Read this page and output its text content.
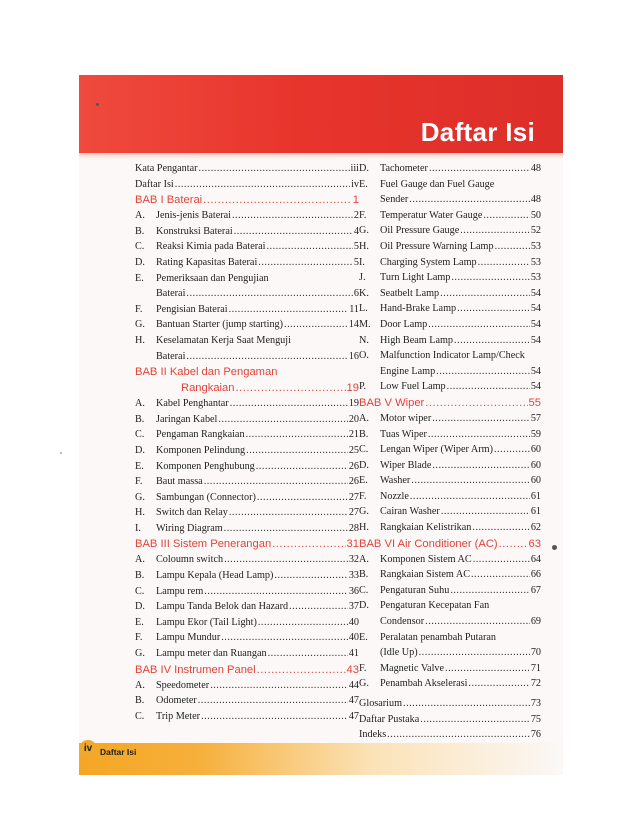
Daftar Isi
Kata Pengantar .....	iii
Daftar Isi .....	iv
BAB I Baterai .....	1
A.	Jenis-jenis Baterai .....	2
B.	Konstruksi Baterai .....	4
C.	Reaksi Kimia pada Baterai .....	5
D.	Rating Kapasitas Baterai .....	5
E.	Pemeriksaan dan Pengujian
Baterai .....	6
F.	Pengisian Baterai .....	11
G.	Bantuan Starter (jump starting) .....	14
H.	Keselamatan Kerja Saat Menguji
Baterai .....	16
BAB II Kabel dan Pengaman
Rangkaian .....	19
A.	Kabel Penghantar .....	19
B.	Jaringan Kabel .....	20
C.	Pengaman Rangkaian .....	21
D.	Komponen Pelindung .....	25
E.	Komponen Penghubung .....	26
F.	Baut massa .....	26
G.	Sambungan (Connector) .....	27
H.	Switch dan Relay .....	27
I.	Wiring Diagram .....	28
BAB III Sistem Penerangan .....	31
A.	Coloumn switch .....	32
B.	Lampu Kepala (Head Lamp) .....	33
C.	Lampu rem .....	36
D.	Lampu Tanda Belok dan Hazard .....	37
E.	Lampu Ekor (Tail Light) .....	40
F.	Lampu Mundur .....	40
G.	Lampu meter dan Ruangan .....	41
BAB IV Instrumen Panel .....	43
A.	Speedometer .....	44
B.	Odometer .....	47
C.	Trip Meter .....	47
D.	Tachometer .....	48
E.	Fuel Gauge dan Fuel Gauge
Sender .....	48
F.	Temperatur Water Gauge .....	50
G.	Oil Pressure Gauge .....	52
H.	Oil Pressure Warning Lamp .....	53
I.	Charging System Lamp .....	53
J.	Turn Light Lamp .....	53
K.	Seatbelt Lamp .....	54
L.	Hand-Brake Lamp .....	54
M. Door Lamp .....	54
N.	High Beam Lamp .....	54
O.	Malfunction Indicator Lamp/Check
Engine Lamp .....	54
P.	Low Fuel Lamp .....	54
BAB V Wiper .....	55
A.	Motor wiper .....	57
B.	Tuas Wiper .....	59
C.	Lengan Wiper (Wiper Arm) .....	60
D.	Wiper Blade .....	60
E.	Washer .....	60
F.	Nozzle .....	61
G.	Cairan Washer .....	61
H.	Rangkaian Kelistrikan .....	62
BAB VI Air Conditioner (AC) .....	63
A.	Komponen Sistem AC .....	64
B.	Rangkaian Sistem AC .....	66
C.	Pengaturan Suhu .....	67
D.	Pengaturan Kecepatan Fan
Condensor .....	69
E.	Peralatan penambah Putaran
(Idle Up) .....	70
F.	Magnetic Valve .....	71
G.	Penambah Akselerasi .....	72
Glosarium .....	73
Daftar Pustaka .....	75
Indeks .....	76
iv Daftar Isi
